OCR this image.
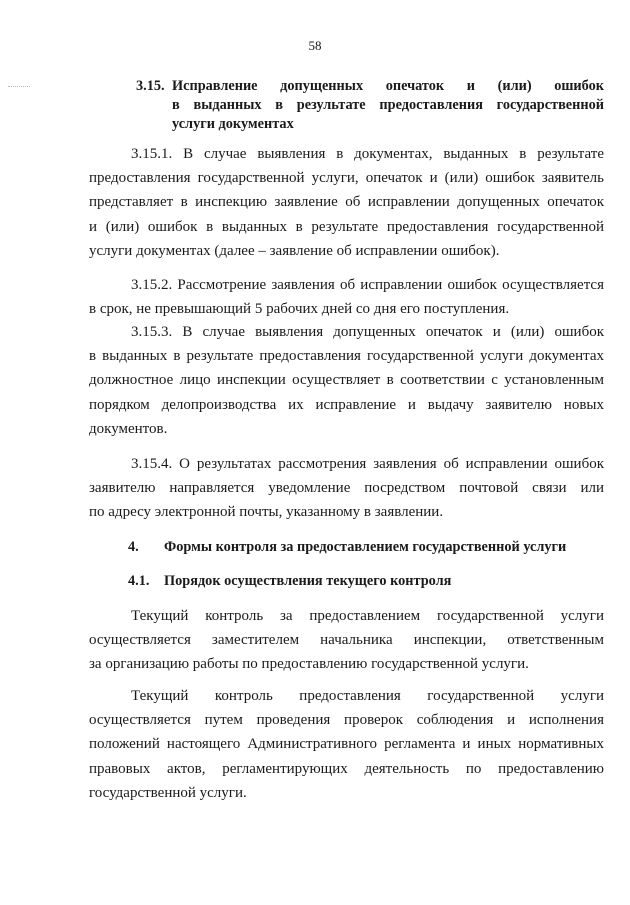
58
3.15. Исправление допущенных опечаток и (или) ошибок
в выданных в результате предоставления государственной
услуги документах
3.15.1. В случае выявления в документах, выданных в результате
предоставления государственной услуги, опечаток и (или) ошибок заявитель
представляет в инспекцию заявление об исправлении допущенных опечаток
и (или) ошибок в выданных в результате предоставления государственной
услуги документах (далее – заявление об исправлении ошибок).
3.15.2. Рассмотрение заявления об исправлении ошибок осуществляется
в срок, не превышающий 5 рабочих дней со дня его поступления.
3.15.3. В случае выявления допущенных опечаток и (или) ошибок
в выданных в результате предоставления государственной услуги документах
должностное лицо инспекции осуществляет в соответствии с установленным
порядком делопроизводства их исправление и выдачу заявителю новых
документов.
3.15.4. О результатах рассмотрения заявления об исправлении ошибок
заявителю направляется уведомление посредством почтовой связи или
по адресу электронной почты, указанному в заявлении.
4. Формы контроля за предоставлением государственной услуги
4.1. Порядок осуществления текущего контроля
Текущий контроль за предоставлением государственной услуги
осуществляется заместителем начальника инспекции, ответственным
за организацию работы по предоставлению государственной услуги.
Текущий контроль предоставления государственной услуги
осуществляется путем проведения проверок соблюдения и исполнения
положений настоящего Административного регламента и иных нормативных
правовых актов, регламентирующих деятельность по предоставлению
государственной услуги.
